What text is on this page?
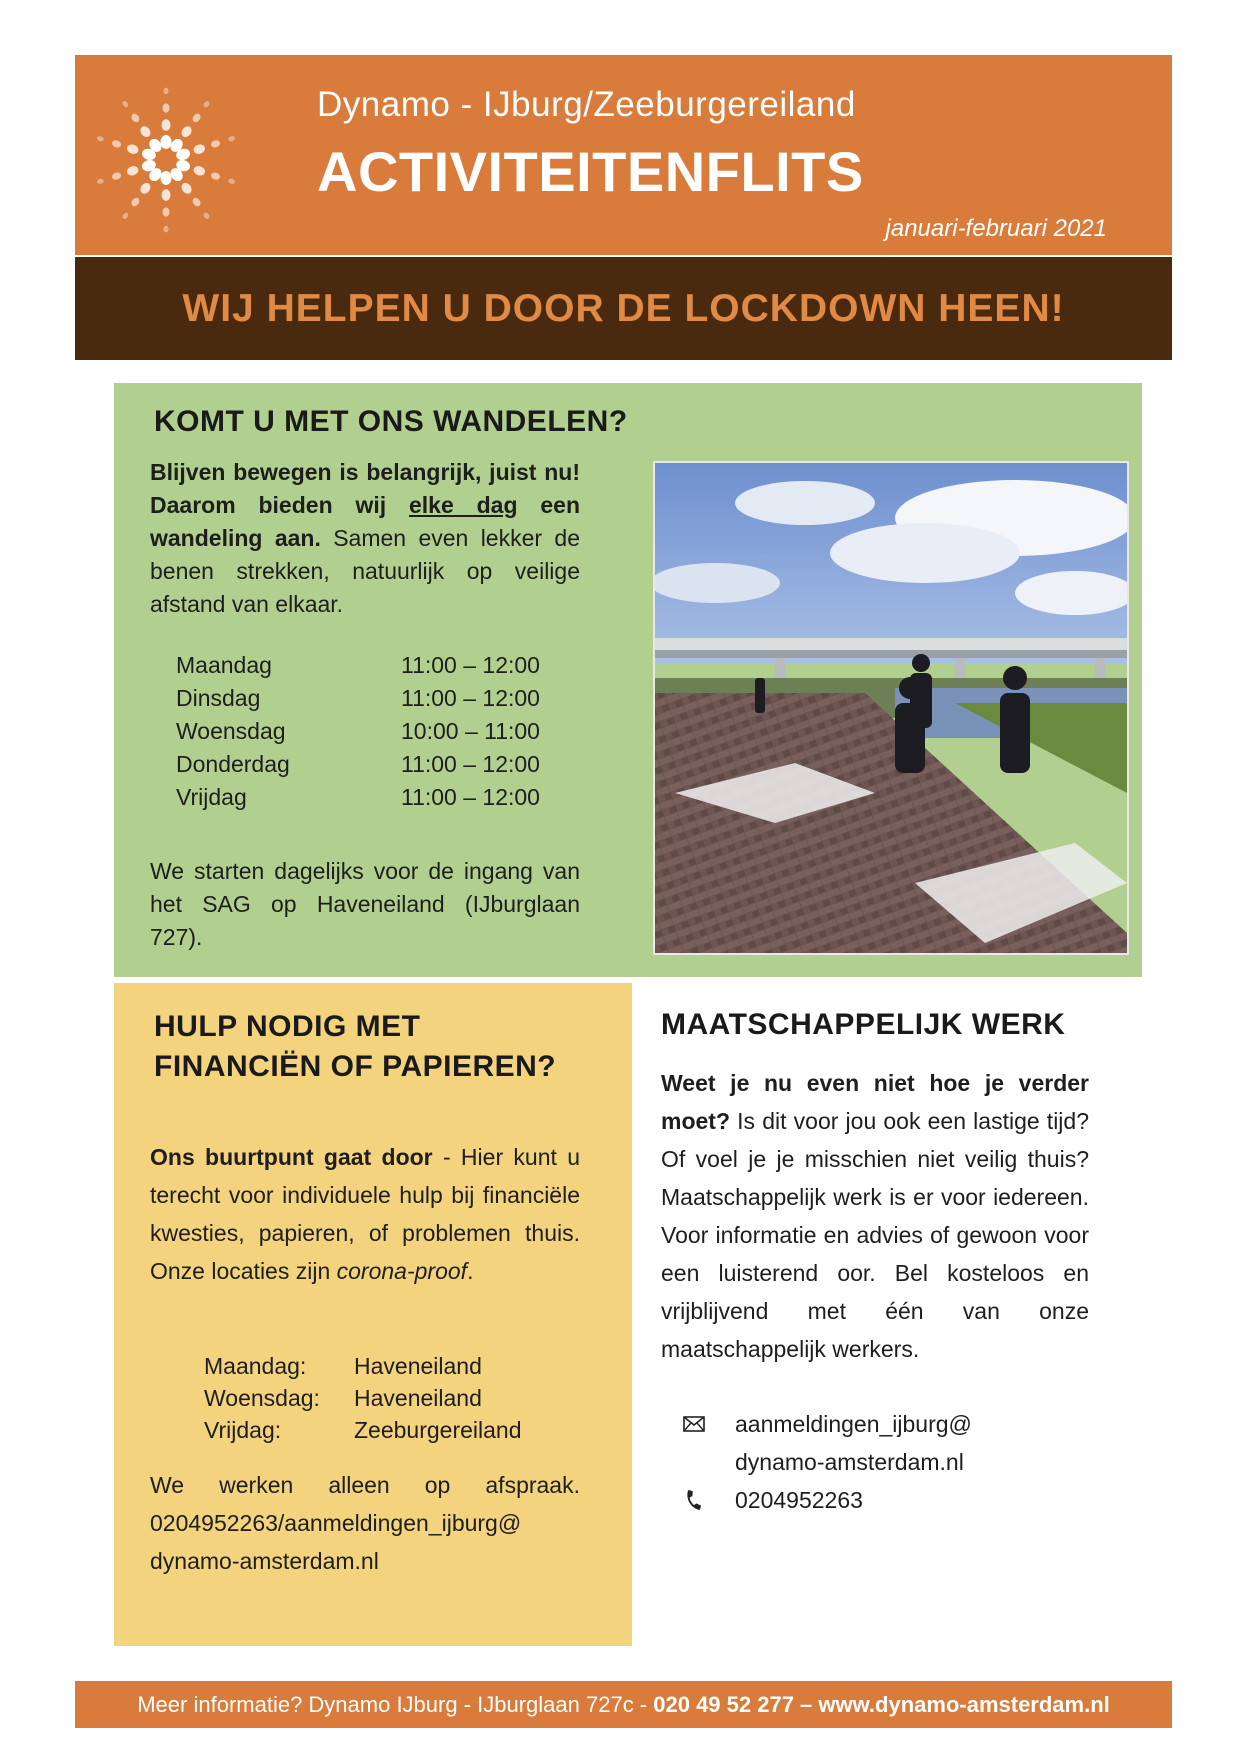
Dynamo - IJburg/Zeeburgereiland
ACTIVITEITENFLITS
januari-februari 2021
WIJ HELPEN U DOOR DE LOCKDOWN HEEN!
KOMT U MET ONS WANDELEN?
Blijven bewegen is belangrijk, juist nu! Daarom bieden wij elke dag een wandeling aan. Samen even lekker de benen strekken, natuurlijk op veilige afstand van elkaar.
Maandag	11:00 – 12:00
Dinsdag	11:00 – 12:00
Woensdag	10:00 – 11:00
Donderdag	11:00 – 12:00
Vrijdag	11:00 – 12:00
We starten dagelijks voor de ingang van het SAG op Haveneiland (IJburglaan 727).
HULP NODIG MET FINANCIËN OF PAPIEREN?
Ons buurtpunt gaat door - Hier kunt u terecht voor individuele hulp bij financiële kwesties, papieren, of problemen thuis. Onze locaties zijn corona-proof.
Maandag:	Haveneiland
Woensdag:	Haveneiland
Vrijdag:	Zeeburgereiland
We werken alleen op afspraak. 0204952263/aanmeldingen_ijburg@
dynamo-amsterdam.nl
MAATSCHAPPELIJK WERK
Weet je nu even niet hoe je verder moet? Is dit voor jou ook een lastige tijd? Of voel je je misschien niet veilig thuis? Maatschappelijk werk is er voor iedereen. Voor informatie en advies of gewoon voor een luisterend oor. Bel kosteloos en vrijblijvend met één van onze maatschappelijk werkers.
aanmeldingen_ijburg@
dynamo-amsterdam.nl
0204952263
Meer informatie? Dynamo IJburg - IJburglaan 727c - 020 49 52 277 – www.dynamo-amsterdam.nl
